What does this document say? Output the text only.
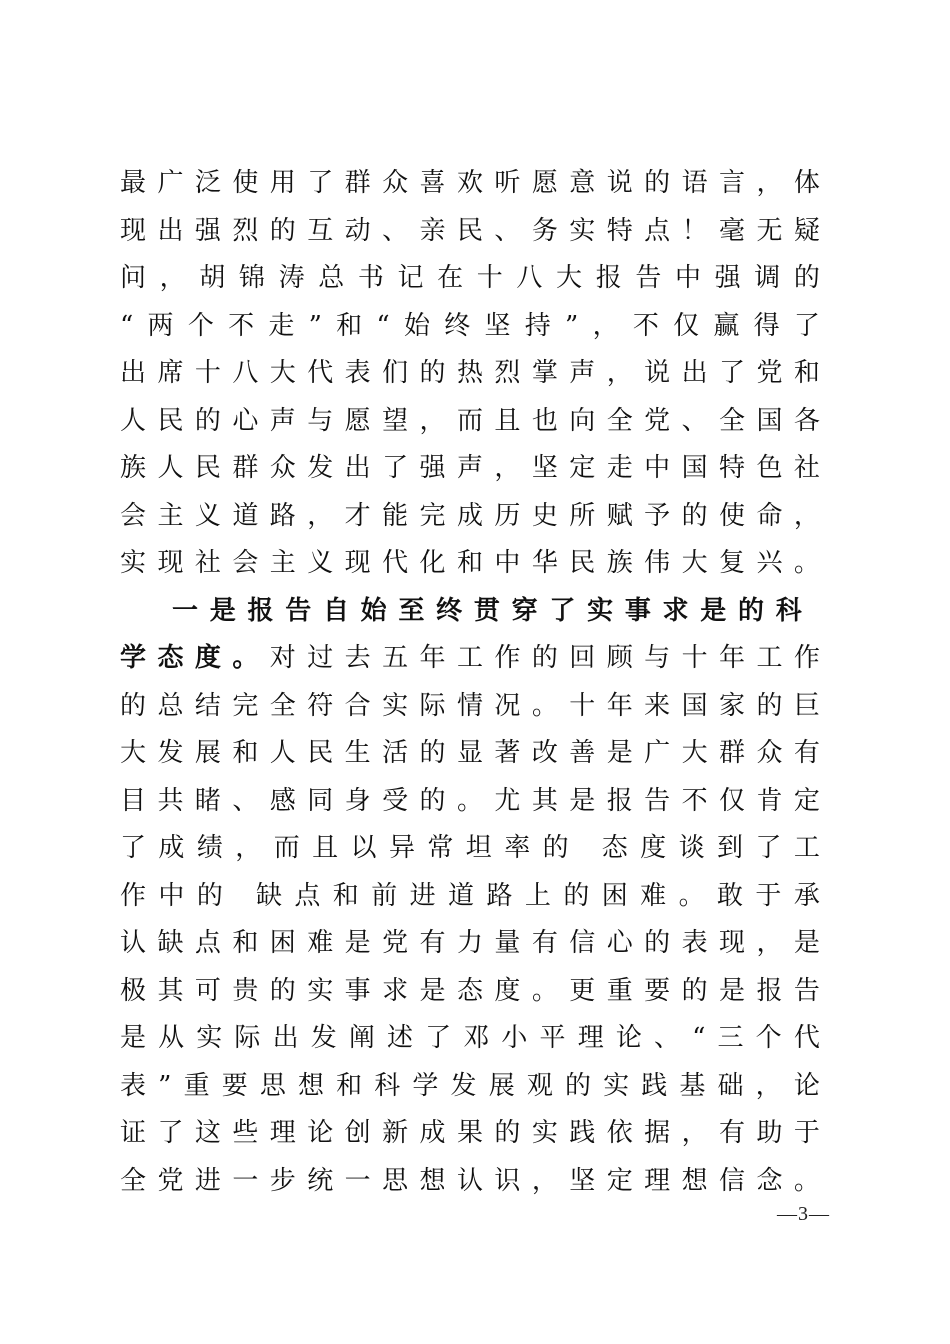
最 广 泛 使 用 了 群 众 喜 欢 听 愿 意 说 的 语 言 ， 体
现 出 强 烈 的 互 动 、 亲 民 、 务 实 特 点 ！ 毫 无 疑
问 ， 胡 锦 涛 总 书 记 在 十 八 大 报 告 中 强 调 的
“ 两 个 不 走 ” 和 “ 始 终 坚 持 ” ， 不 仅 赢 得 了
出 席 十 八 大 代 表 们 的 热 烈 掌 声 ， 说 出 了 党 和
人 民 的 心 声 与 愿 望 ， 而 且 也 向 全 党 、 全 国 各
族 人 民 群 众 发 出 了 强 声 ， 坚 定 走 中 国 特 色 社
会 主 义 道 路 ， 才 能 完 成 历 史 所 赋 予 的 使 命 ，
实 现 社 会 主 义 现 代 化 和 中 华 民 族 伟 大 复 兴 。
一 是 报 告 自 始 至 终 贯 穿 了 实 事 求 是 的 科
学 态 度 。 对 过 去 五 年 工 作 的 回 顾 与 十 年 工 作
的 总 结 完 全 符 合 实 际 情 况 。 十 年 来 国 家 的 巨
大 发 展 和 人 民 生 活 的 显 著 改 善 是 广 大 群 众 有
目 共 睹 、 感 同 身 受 的 。 尤 其 是 报 告 不 仅 肯 定
了 成 绩 ， 而 且 以 异 常 坦 率 的
态 度 谈 到 了 工
作 中 的
缺 点 和 前 进 道 路 上 的 困 难 。 敢 于 承
认 缺 点 和 困 难 是 党 有 力 量 有 信 心 的 表 现 ， 是
极 其 可 贵 的 实 事 求 是 态 度 。 更 重 要 的 是 报 告
是 从 实 际 出 发 阐 述 了 邓 小 平 理 论 、 “ 三 个 代
表 ” 重 要 思 想 和 科 学 发 展 观 的 实 践 基 础 ， 论
证 了 这 些 理 论 创 新 成 果 的 实 践 依 据 ， 有 助 于
全 党 进 一 步 统 一 思 想 认 识 ， 坚 定 理 想 信 念 。
—3—
